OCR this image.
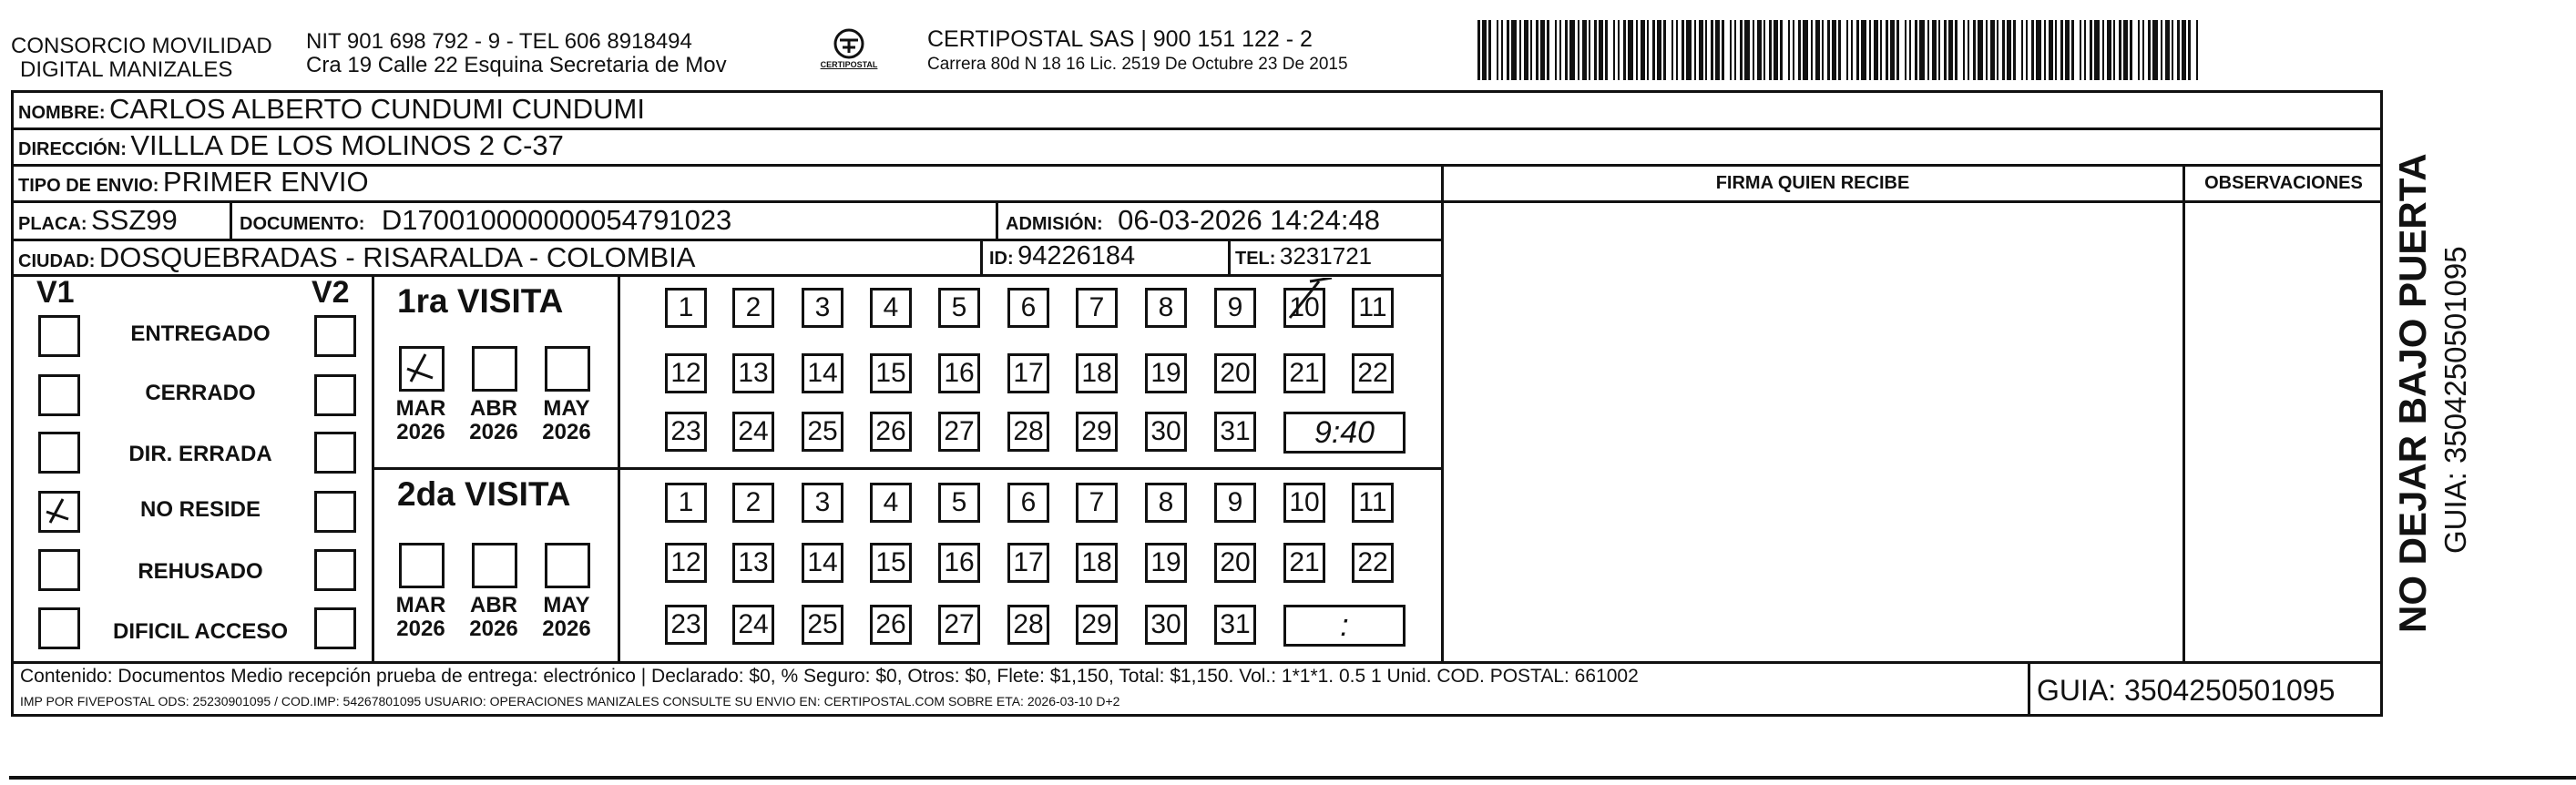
CONSORCIO MOVILIDAD
DIGITAL MANIZALES
NIT 901 698 792 - 9 - TEL 606 8918494
Cra 19 Calle 22 Esquina Secretaria de Mov	CERTIPOSTAL
CERTIPOSTAL SAS | 900 151 122 - 2
Carrera 80d N 18 16 Lic. 2519 De Octubre 23 De 2015
NOMBRE: CARLOS ALBERTO CUNDUMI CUNDUMI
DIRECCIÓN: VILLLA DE LOS MOLINOS 2 C-37
TIPO DE ENVIO: PRIMER ENVIO	FIRMA QUIEN RECIBE	OBSERVACIONES
PLACA: SSZ99	DOCUMENTO: D170010000000054791023	ADMISIÓN: 06-03-2026 14:24:48
CIUDAD: DOSQUEBRADAS - RISARALDA - COLOMBIA	ID: 94226184	TEL: 3231721
V1	V2
ENTREGADO
CERRADO
DIR. ERRADA
NO RESIDE
REHUSADO
DIFICIL ACCESO
1ra VISITA
MAR
2026
ABR
2026
MAY
2026
1	2	3	4	5	6	7	8	9	10 11
12 13 14 15 16 17 18 19 20 21 22
23 24 25 26 27 28 29 30 31	9:40
2da VISITA
MAR
2026
ABR
2026
MAY
2026
1	2	3	4	5	6	7	8	9	10 11
12 13 14 15 16 17 18 19 20 21 22
23 24 25 26 27 28 29 30 31	:
Contenido: Documentos Medio recepción prueba de entrega: electrónico | Declarado: $0, % Seguro: $0, Otros: $0, Flete: $1,150, Total: $1,150. Vol.: 1*1*1. 0.5 1 Unid. COD. POSTAL: 661002
IMP POR FIVEPOSTAL ODS: 25230901095 / COD.IMP: 54267801095 USUARIO: OPERACIONES MANIZALES CONSULTE SU ENVIO EN: CERTIPOSTAL.COM SOBRE ETA: 2026-03-10 D+2	GUIA: 3504250501095
NO DEJAR BAJO PUERTA GUIA: 3504250501095
